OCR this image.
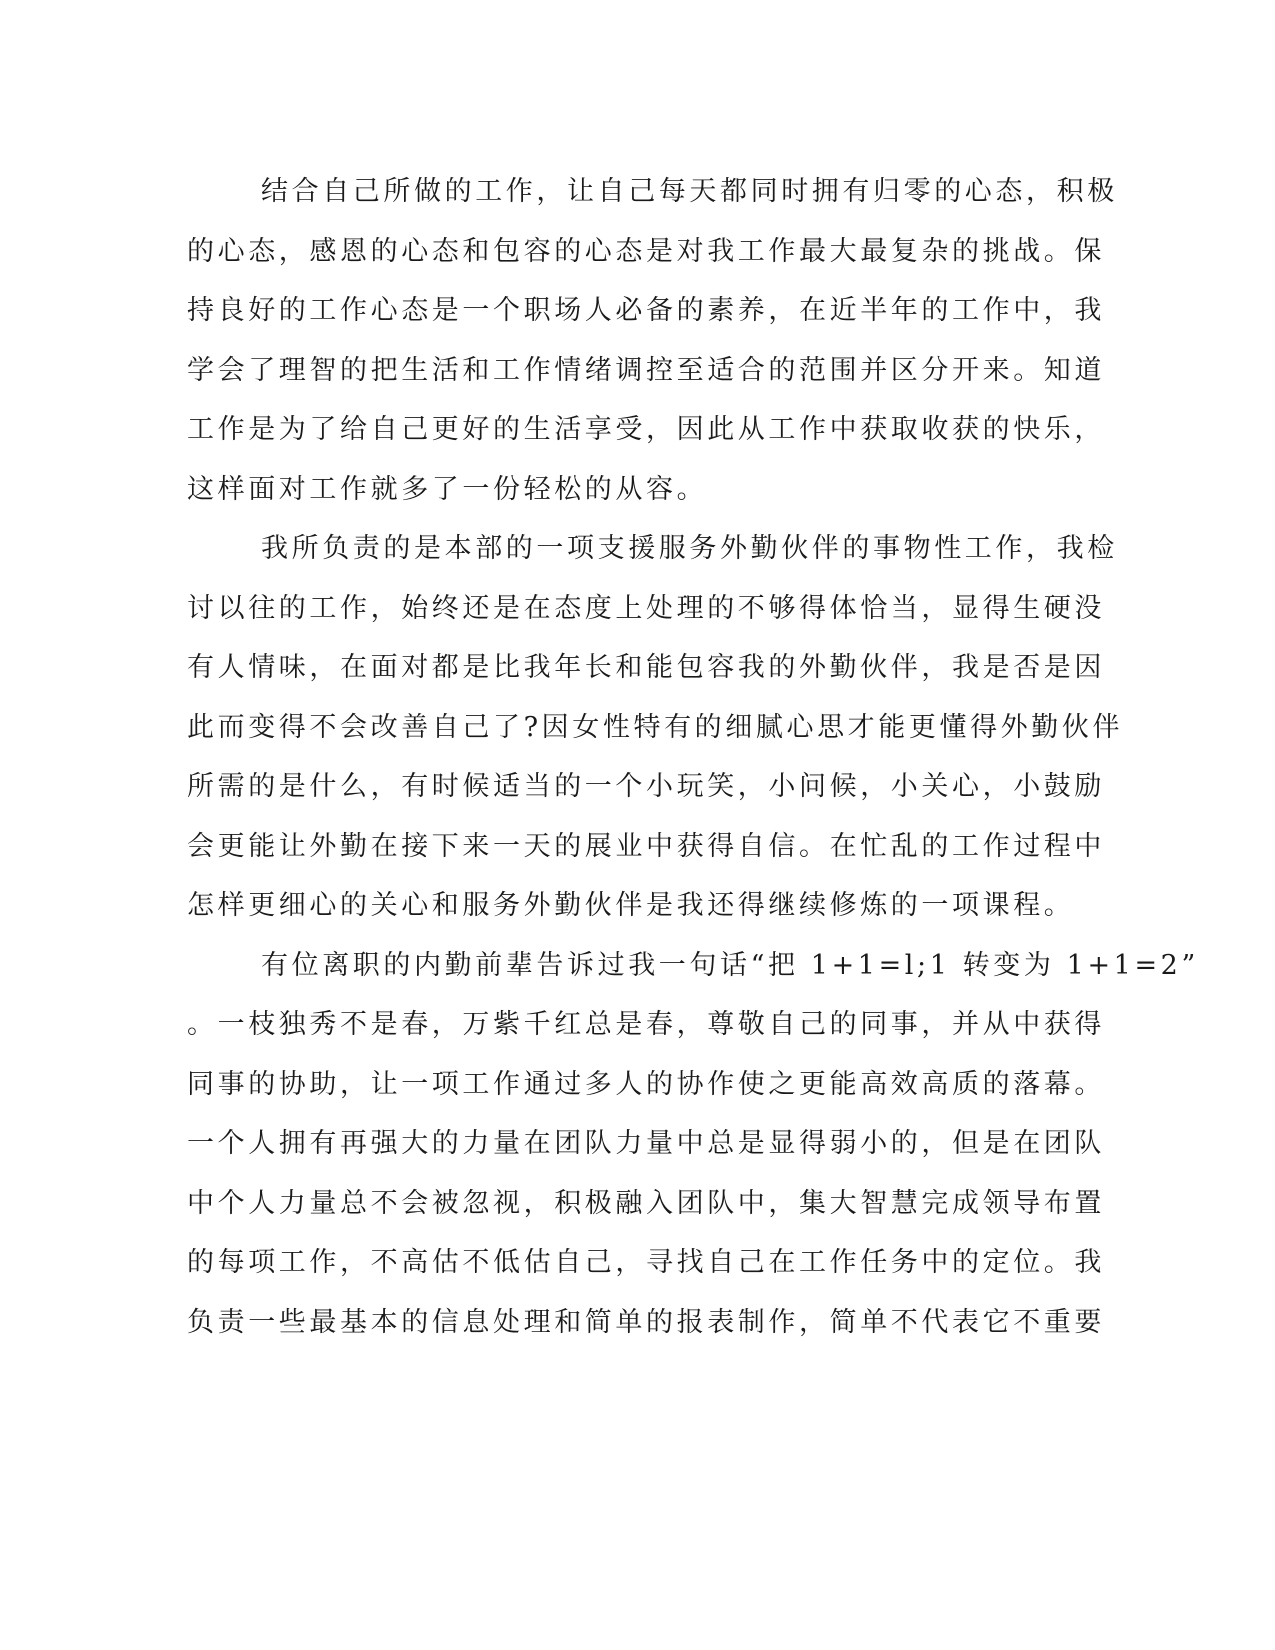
结合自己所做的工作，让自己每天都同时拥有归零的心态，积极
的心态，感恩的心态和包容的心态是对我工作最大最复杂的挑战。保
持良好的工作心态是一个职场人必备的素养，在近半年的工作中，我
学会了理智的把生活和工作情绪调控至适合的范围并区分开来。知道
工作是为了给自己更好的生活享受，因此从工作中获取收获的快乐，
这样面对工作就多了一份轻松的从容。
我所负责的是本部的一项支援服务外勤伙伴的事物性工作，我检
讨以往的工作，始终还是在态度上处理的不够得体恰当，显得生硬没
有人情味，在面对都是比我年长和能包容我的外勤伙伴，我是否是因
此而变得不会改善自己了?因女性特有的细腻心思才能更懂得外勤伙伴
所需的是什么，有时候适当的一个小玩笑，小问候，小关心，小鼓励
会更能让外勤在接下来一天的展业中获得自信。在忙乱的工作过程中
怎样更细心的关心和服务外勤伙伴是我还得继续修炼的一项课程。
有位离职的内勤前辈告诉过我一句话“把 1+1=l;1 转变为 1+1=2”
。一枝独秀不是春，万紫千红总是春，尊敬自己的同事，并从中获得
同事的协助，让一项工作通过多人的协作使之更能高效高质的落幕。
一个人拥有再强大的力量在团队力量中总是显得弱小的，但是在团队
中个人力量总不会被忽视，积极融入团队中，集大智慧完成领导布置
的每项工作，不高估不低估自己，寻找自己在工作任务中的定位。我
负责一些最基本的信息处理和简单的报表制作，简单不代表它不重要
